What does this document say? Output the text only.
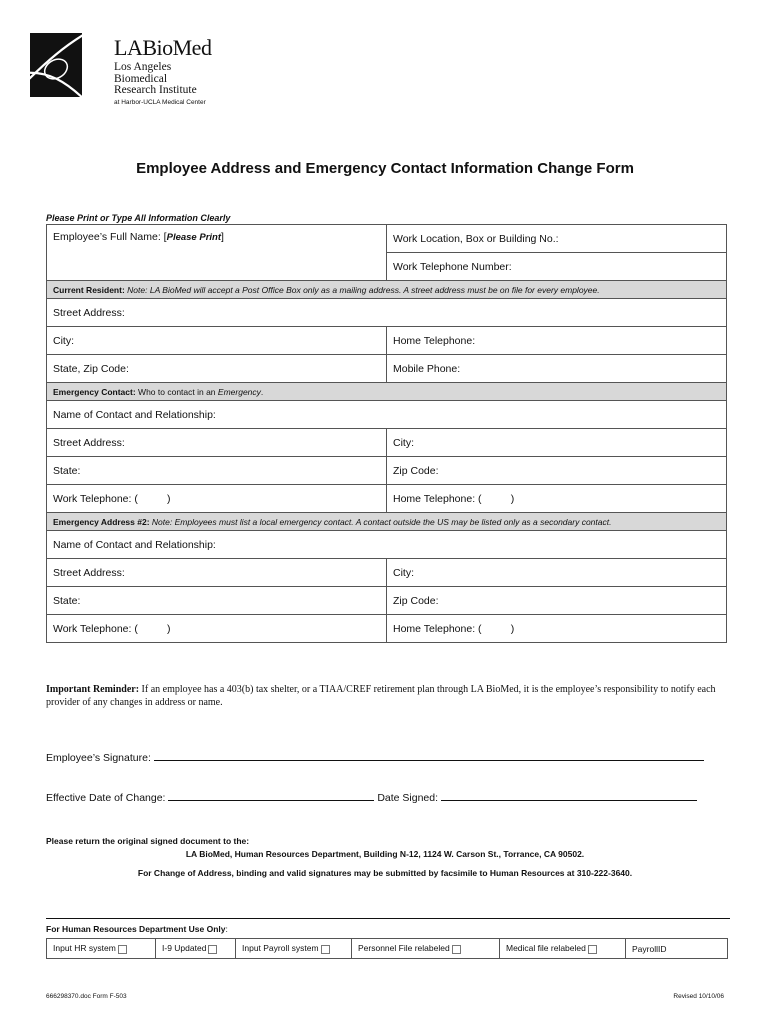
LABioMed
Los Angeles
Biomedical
Research Institute
at Harbor-UCLA Medical Center
Employee Address and Emergency Contact Information Change Form
Please Print or Type All Information Clearly
Employee’s Full Name: [Please Print]	Work Location, Box or Building No.:
	Work Telephone Number:
Current Resident: Note: LA BioMed will accept a Post Office Box only as a mailing address. A street address must be on file for every employee.	
Street Address:	
City:	Home Telephone:
State, Zip Code:	Mobile Phone:
Emergency Contact: Who to contact in an Emergency.	
Name of Contact and Relationship:	
Street Address:	City:
State:	Zip Code:
Work Telephone: (          )	Home Telephone: (          )
Emergency Address #2: Note: Employees must list a local emergency contact. A contact outside the US may be listed only as a secondary contact.	
Name of Contact and Relationship:	
Street Address:	City:
State:	Zip Code:
Work Telephone: (          )	Home Telephone: (          )
Important Reminder: If an employee has a 403(b) tax shelter, or a TIAA/CREF retirement plan through LA BioMed, it is the employee’s responsibility to notify each provider of any changes in address or name.
Employee’s Signature:
Effective Date of Change:	Date Signed:
Please return the original signed document to the:
LA BioMed, Human Resources Department, Building N-12, 1124 W. Carson St., Torrance, CA 90502.
For Change of Address, binding and valid signatures may be submitted by facsimile to Human Resources at 310-222-3640.
For Human Resources Department Use Only:
Input HR system	I-9 Updated	Input Payroll system	Personnel File relabeled	Medical file relabeled	PayrollID
666298370.doc Form F-503	Revised 10/10/06
